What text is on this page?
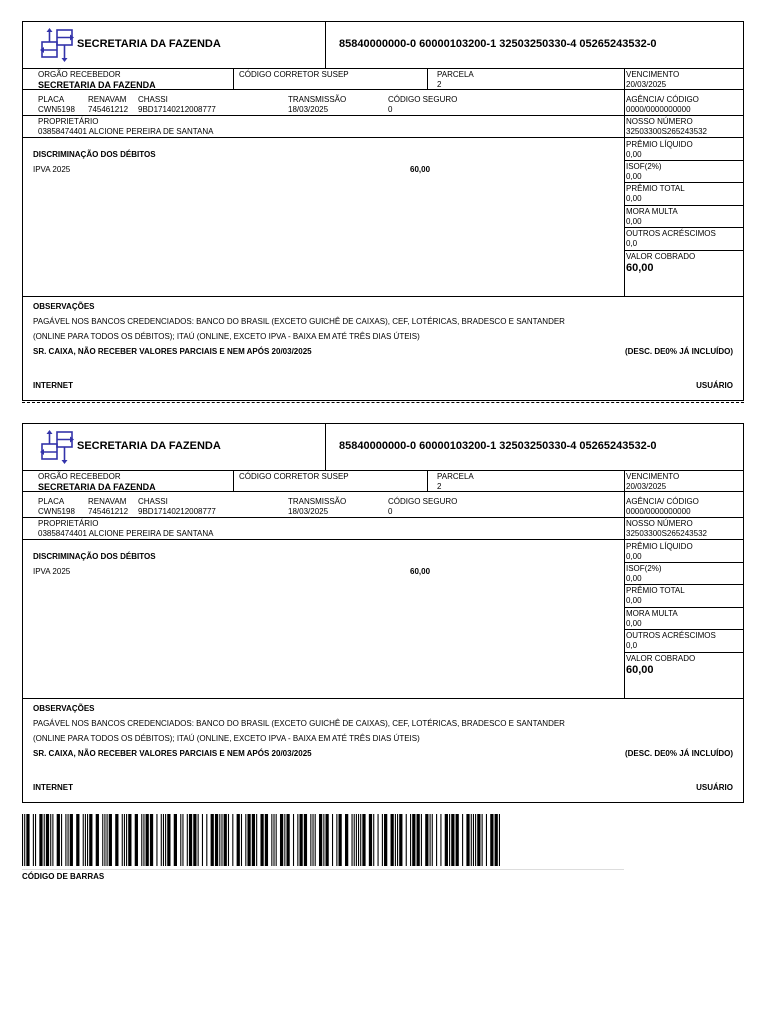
SECRETARIA DA FAZENDA	85840000000-0 60000103200-1 32503250330-4 05265243532-0
ORGÃO RECEBEDOR
SECRETARIA DA FAZENDA
CÓDIGO CORRETOR SUSEP	PARCELA
2
VENCIMENTO
20/03/2025
PLACA
CWN5198
RENAVAM
745461212
CHASSI
9BD17140212008777
TRANSMISSÃO
18/03/2025
CÓDIGO SEGURO
0
AGÊNCIA/ CÓDIGO
0000/0000000000
PROPRIETÁRIO
03858474401 ALCIONE PEREIRA DE SANTANA
NOSSO NÚMERO
32503300S265243532
DISCRIMINAÇÃO DOS DÉBITOS
IPVA 2025	60,00
PRÊMIO LÍQUIDO
0,00
ISOF(2%)
0,00
PRÊMIO TOTAL
0,00
MORA MULTA
0,00
OUTROS ACRÉSCIMOS
0,0
VALOR COBRADO
60,00
OBSERVAÇÕES
PAGÁVEL NOS BANCOS CREDENCIADOS: BANCO DO BRASIL (EXCETO GUICHÊ DE CAIXAS), CEF, LOTÉRICAS, BRADESCO E SANTANDER
(ONLINE PARA TODOS OS DÉBITOS); ITAÚ (ONLINE, EXCETO IPVA - BAIXA EM ATÉ TRÊS DIAS ÚTEIS)
SR. CAIXA, NÃO RECEBER VALORES PARCIAIS E NEM APÓS 20/03/2025	(DESC. DE0% JÁ INCLUÍDO)
INTERNET	USUÁRIO
SECRETARIA DA FAZENDA	85840000000-0 60000103200-1 32503250330-4 05265243532-0
ORGÃO RECEBEDOR
SECRETARIA DA FAZENDA
CÓDIGO CORRETOR SUSEP	PARCELA
2
VENCIMENTO
20/03/2025
PLACA
CWN5198
RENAVAM
745461212
CHASSI
9BD17140212008777
TRANSMISSÃO
18/03/2025
CÓDIGO SEGURO
0
AGÊNCIA/ CÓDIGO
0000/0000000000
PROPRIETÁRIO
03858474401 ALCIONE PEREIRA DE SANTANA
NOSSO NÚMERO
32503300S265243532
DISCRIMINAÇÃO DOS DÉBITOS
IPVA 2025	60,00
PRÊMIO LÍQUIDO
0,00
ISOF(2%)
0,00
PRÊMIO TOTAL
0,00
MORA MULTA
0,00
OUTROS ACRÉSCIMOS
0,0
VALOR COBRADO
60,00
OBSERVAÇÕES
PAGÁVEL NOS BANCOS CREDENCIADOS: BANCO DO BRASIL (EXCETO GUICHÊ DE CAIXAS), CEF, LOTÉRICAS, BRADESCO E SANTANDER
(ONLINE PARA TODOS OS DÉBITOS); ITAÚ (ONLINE, EXCETO IPVA - BAIXA EM ATÉ TRÊS DIAS ÚTEIS)
SR. CAIXA, NÃO RECEBER VALORES PARCIAIS E NEM APÓS 20/03/2025	(DESC. DE0% JÁ INCLUÍDO)
INTERNET	USUÁRIO
CÓDIGO DE BARRAS
